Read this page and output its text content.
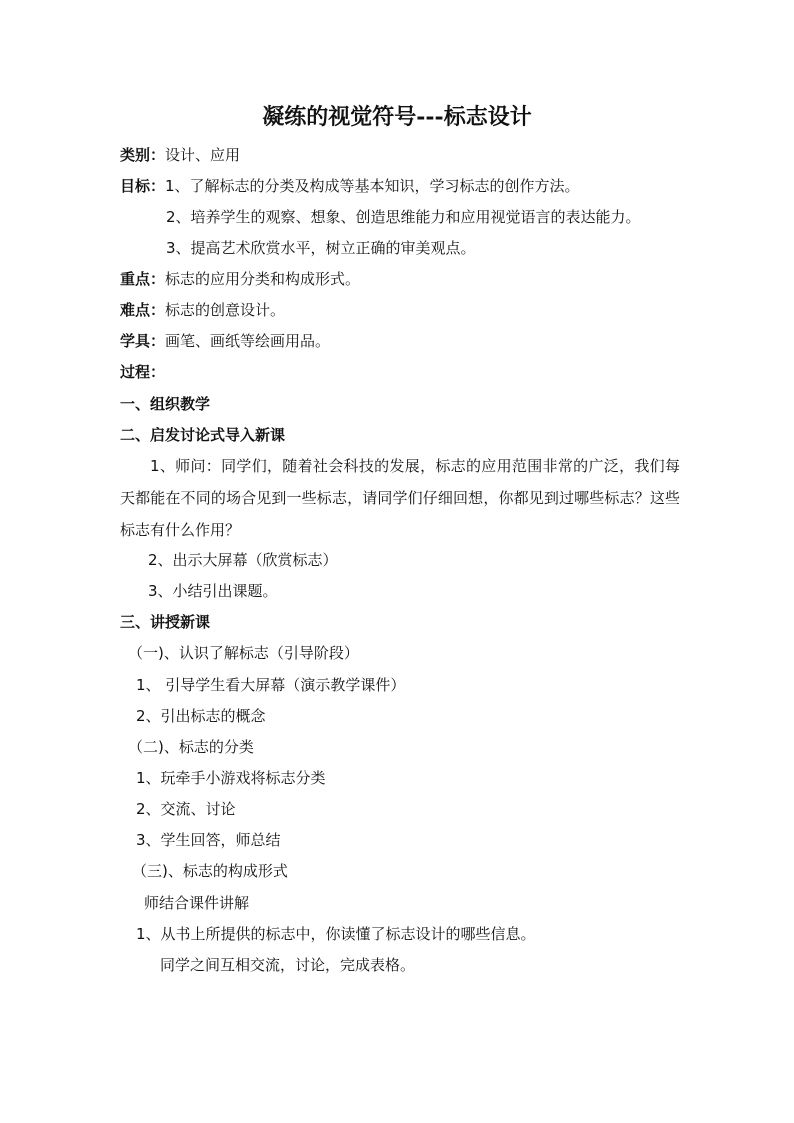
凝练的视觉符号---标志设计
类别：设计、应用
目标：1、了解标志的分类及构成等基本知识，学习标志的创作方法。
2、培养学生的观察、想象、创造思维能力和应用视觉语言的表达能力。
3、提高艺术欣赏水平，树立正确的审美观点。
重点：标志的应用分类和构成形式。
难点：标志的创意设计。
学具：画笔、画纸等绘画用品。
过程：
一、组织教学
二、启发讨论式导入新课
1、师问：同学们，随着社会科技的发展，标志的应用范围非常的广泛，我们每天都能在不同的场合见到一些标志，请同学们仔细回想，你都见到过哪些标志？这些标志有什么作用？
2、出示大屏幕（欣赏标志）
3、小结引出课题。
三、讲授新课
（一)、认识了解标志（引导阶段）
1、 引导学生看大屏幕（演示教学课件）
2、引出标志的概念
（二)、标志的分类
1、玩牵手小游戏将标志分类
2、交流、讨论
3、学生回答，师总结
（三)、标志的构成形式
师结合课件讲解
1、从书上所提供的标志中，你读懂了标志设计的哪些信息。
同学之间互相交流，讨论，完成表格。
